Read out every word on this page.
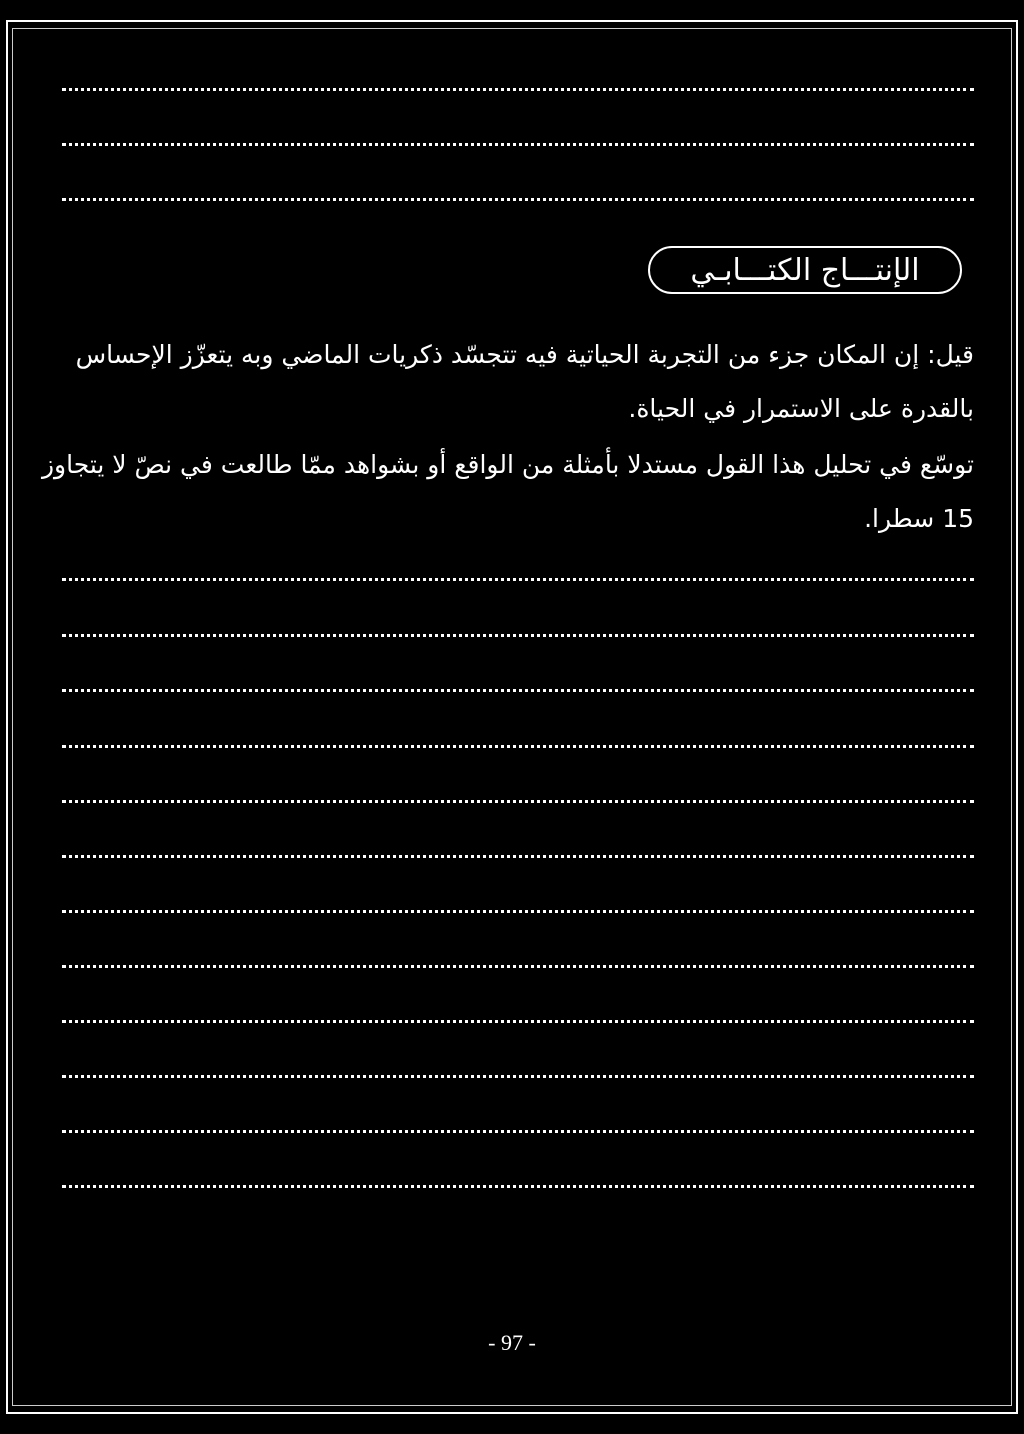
الإنتـــاج الكتـــابـي
قيل: إن المكان جزء من التجربة الحياتية فيه تتجسّد ذكريات الماضي وبه يتعزّز الإحساس
بالقدرة على الاستمرار في الحياة.
توسّع في تحليل هذا القول مستدلا بأمثلة من الواقع أو بشواهد ممّا طالعت في نصّ لا يتجاوز
15 سطرا.
- 97 -
